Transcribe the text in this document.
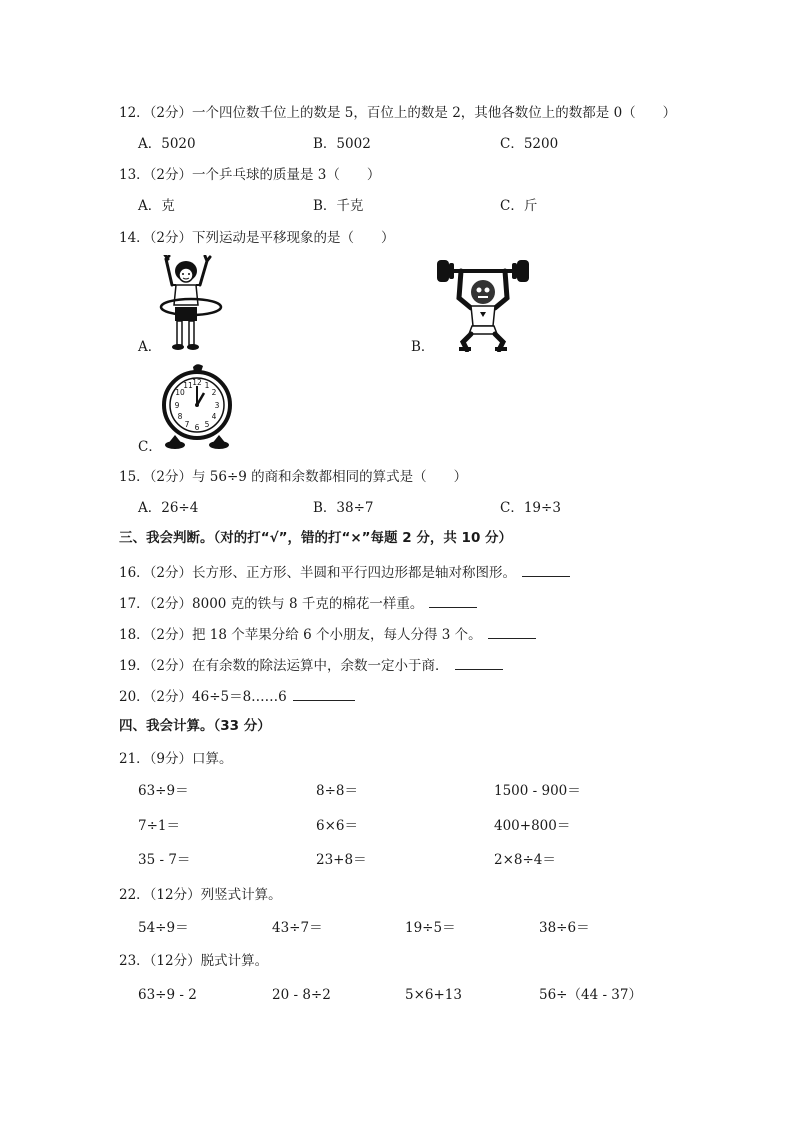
12．（2分）一个四位数千位上的数是 5，百位上的数是 2，其他各数位上的数都是 0（　　）
A．5020	B．5002	C．5200
13．（2分）一个乒乓球的质量是 3（　　）
A．克	B．千克	C．斤
14．（2分）下列运动是平移现象的是（　　）
A．	B．
12 1
2
3
4
5
6
7
8
9
10
11
C．
15．（2分）与 56÷9 的商和余数都相同的算式是（　　）
A．26÷4	B．38÷7	C．19÷3
三、我会判断。（对的打“√”，错的打“×”每题 2 分，共 10 分）
16．（2分）长方形、正方形、半圆和平行四边形都是轴对称图形。
17．（2分）8000 克的铁与 8 千克的棉花一样重。
18．（2分）把 18 个苹果分给 6 个小朋友，每人分得 3 个。
19．（2分）在有余数的除法运算中，余数一定小于商．
20．（2分）46÷5＝8……6
四、我会计算。（33 分）
21．（9分）口算。
63÷9＝	8÷8＝	1500 - 900＝
7÷1＝	6×6＝	400+800＝
35 - 7＝	23+8＝	2×8÷4＝
22．（12分）列竖式计算。
54÷9＝	43÷7＝	19÷5＝	38÷6＝
23．（12分）脱式计算。
63÷9 - 2	20 - 8÷2	5×6+13	56÷（44 - 37）
